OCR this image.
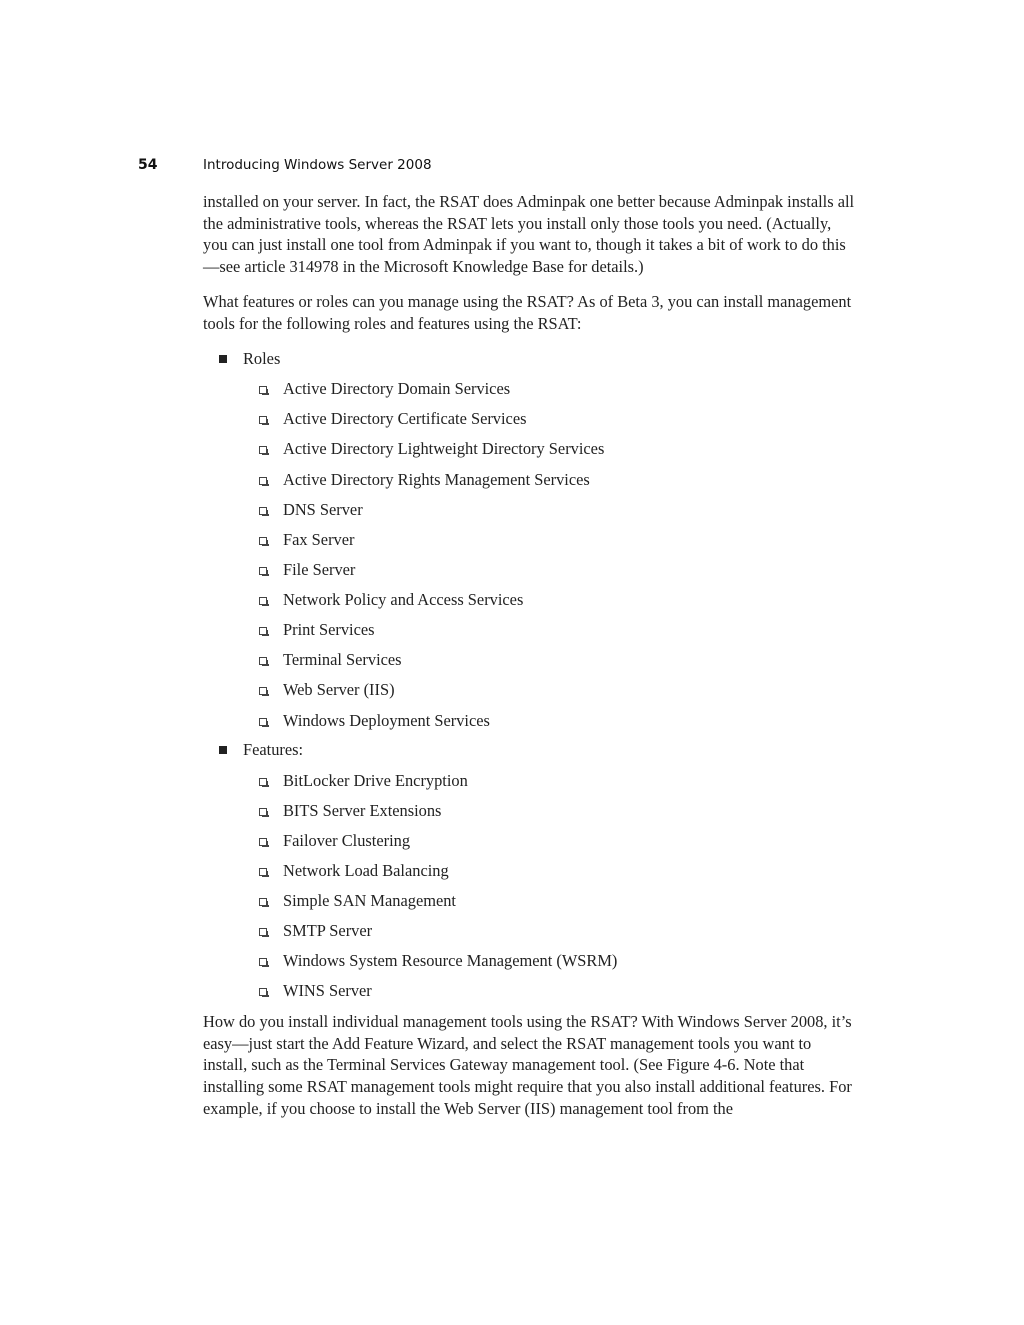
54	Introducing Windows Server 2008

installed on your server. In fact, the RSAT does Adminpak one better because Adminpak installs all the administrative tools, whereas the RSAT lets you install only those tools you need. (Actually, you can just install one tool from Adminpak if you want to, though it takes a bit of work to do this—see article 314978 in the Microsoft Knowledge Base for details.)

What features or roles can you manage using the RSAT? As of Beta 3, you can install management tools for the following roles and features using the RSAT:

Roles
Active Directory Domain Services
Active Directory Certificate Services
Active Directory Lightweight Directory Services
Active Directory Rights Management Services
DNS Server
Fax Server
File Server
Network Policy and Access Services
Print Services
Terminal Services
Web Server (IIS)
Windows Deployment Services
Features:
BitLocker Drive Encryption
BITS Server Extensions
Failover Clustering
Network Load Balancing
Simple SAN Management
SMTP Server
Windows System Resource Management (WSRM)
WINS Server

How do you install individual management tools using the RSAT? With Windows Server 2008, it’s easy—just start the Add Feature Wizard, and select the RSAT management tools you want to install, such as the Terminal Services Gateway management tool. (See Figure 4-6. Note that installing some RSAT management tools might require that you also install additional features. For example, if you choose to install the Web Server (IIS) management tool from the
